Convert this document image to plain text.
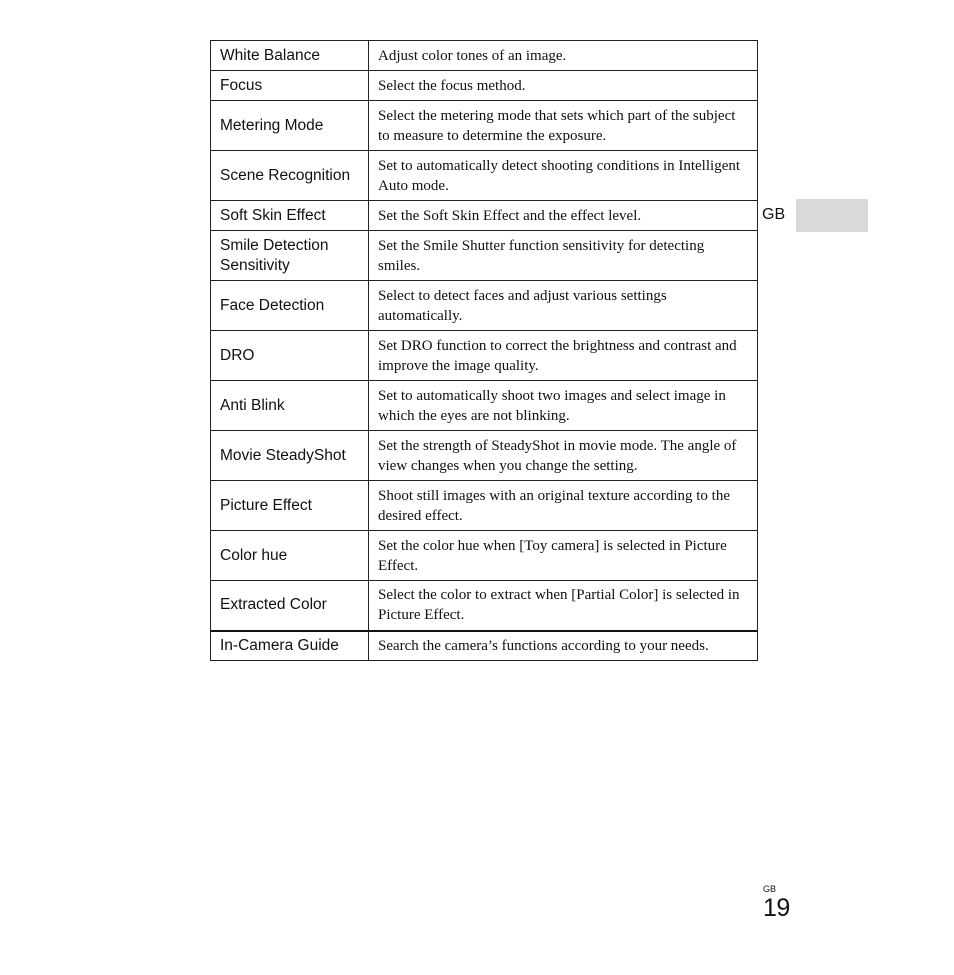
White Balance	Adjust color tones of an image.
Focus	Select the focus method.
Metering Mode	Select the metering mode that sets which part of the subject to measure to determine the exposure.
Scene Recognition	Set to automatically detect shooting conditions in Intelligent Auto mode.
Soft Skin Effect	Set the Soft Skin Effect and the effect level.
Smile Detection Sensitivity	Set the Smile Shutter function sensitivity for detecting smiles.
Face Detection	Select to detect faces and adjust various settings automatically.
DRO	Set DRO function to correct the brightness and contrast and improve the image quality.
Anti Blink	Set to automatically shoot two images and select image in which the eyes are not blinking.
Movie SteadyShot	Set the strength of SteadyShot in movie mode. The angle of view changes when you change the setting.
Picture Effect	Shoot still images with an original texture according to the desired effect.
Color hue	Set the color hue when [Toy camera] is selected in Picture Effect.
Extracted Color	Select the color to extract when [Partial Color] is selected in Picture Effect.
In-Camera Guide	Search the camera’s functions according to your needs.
GB
GB
19
